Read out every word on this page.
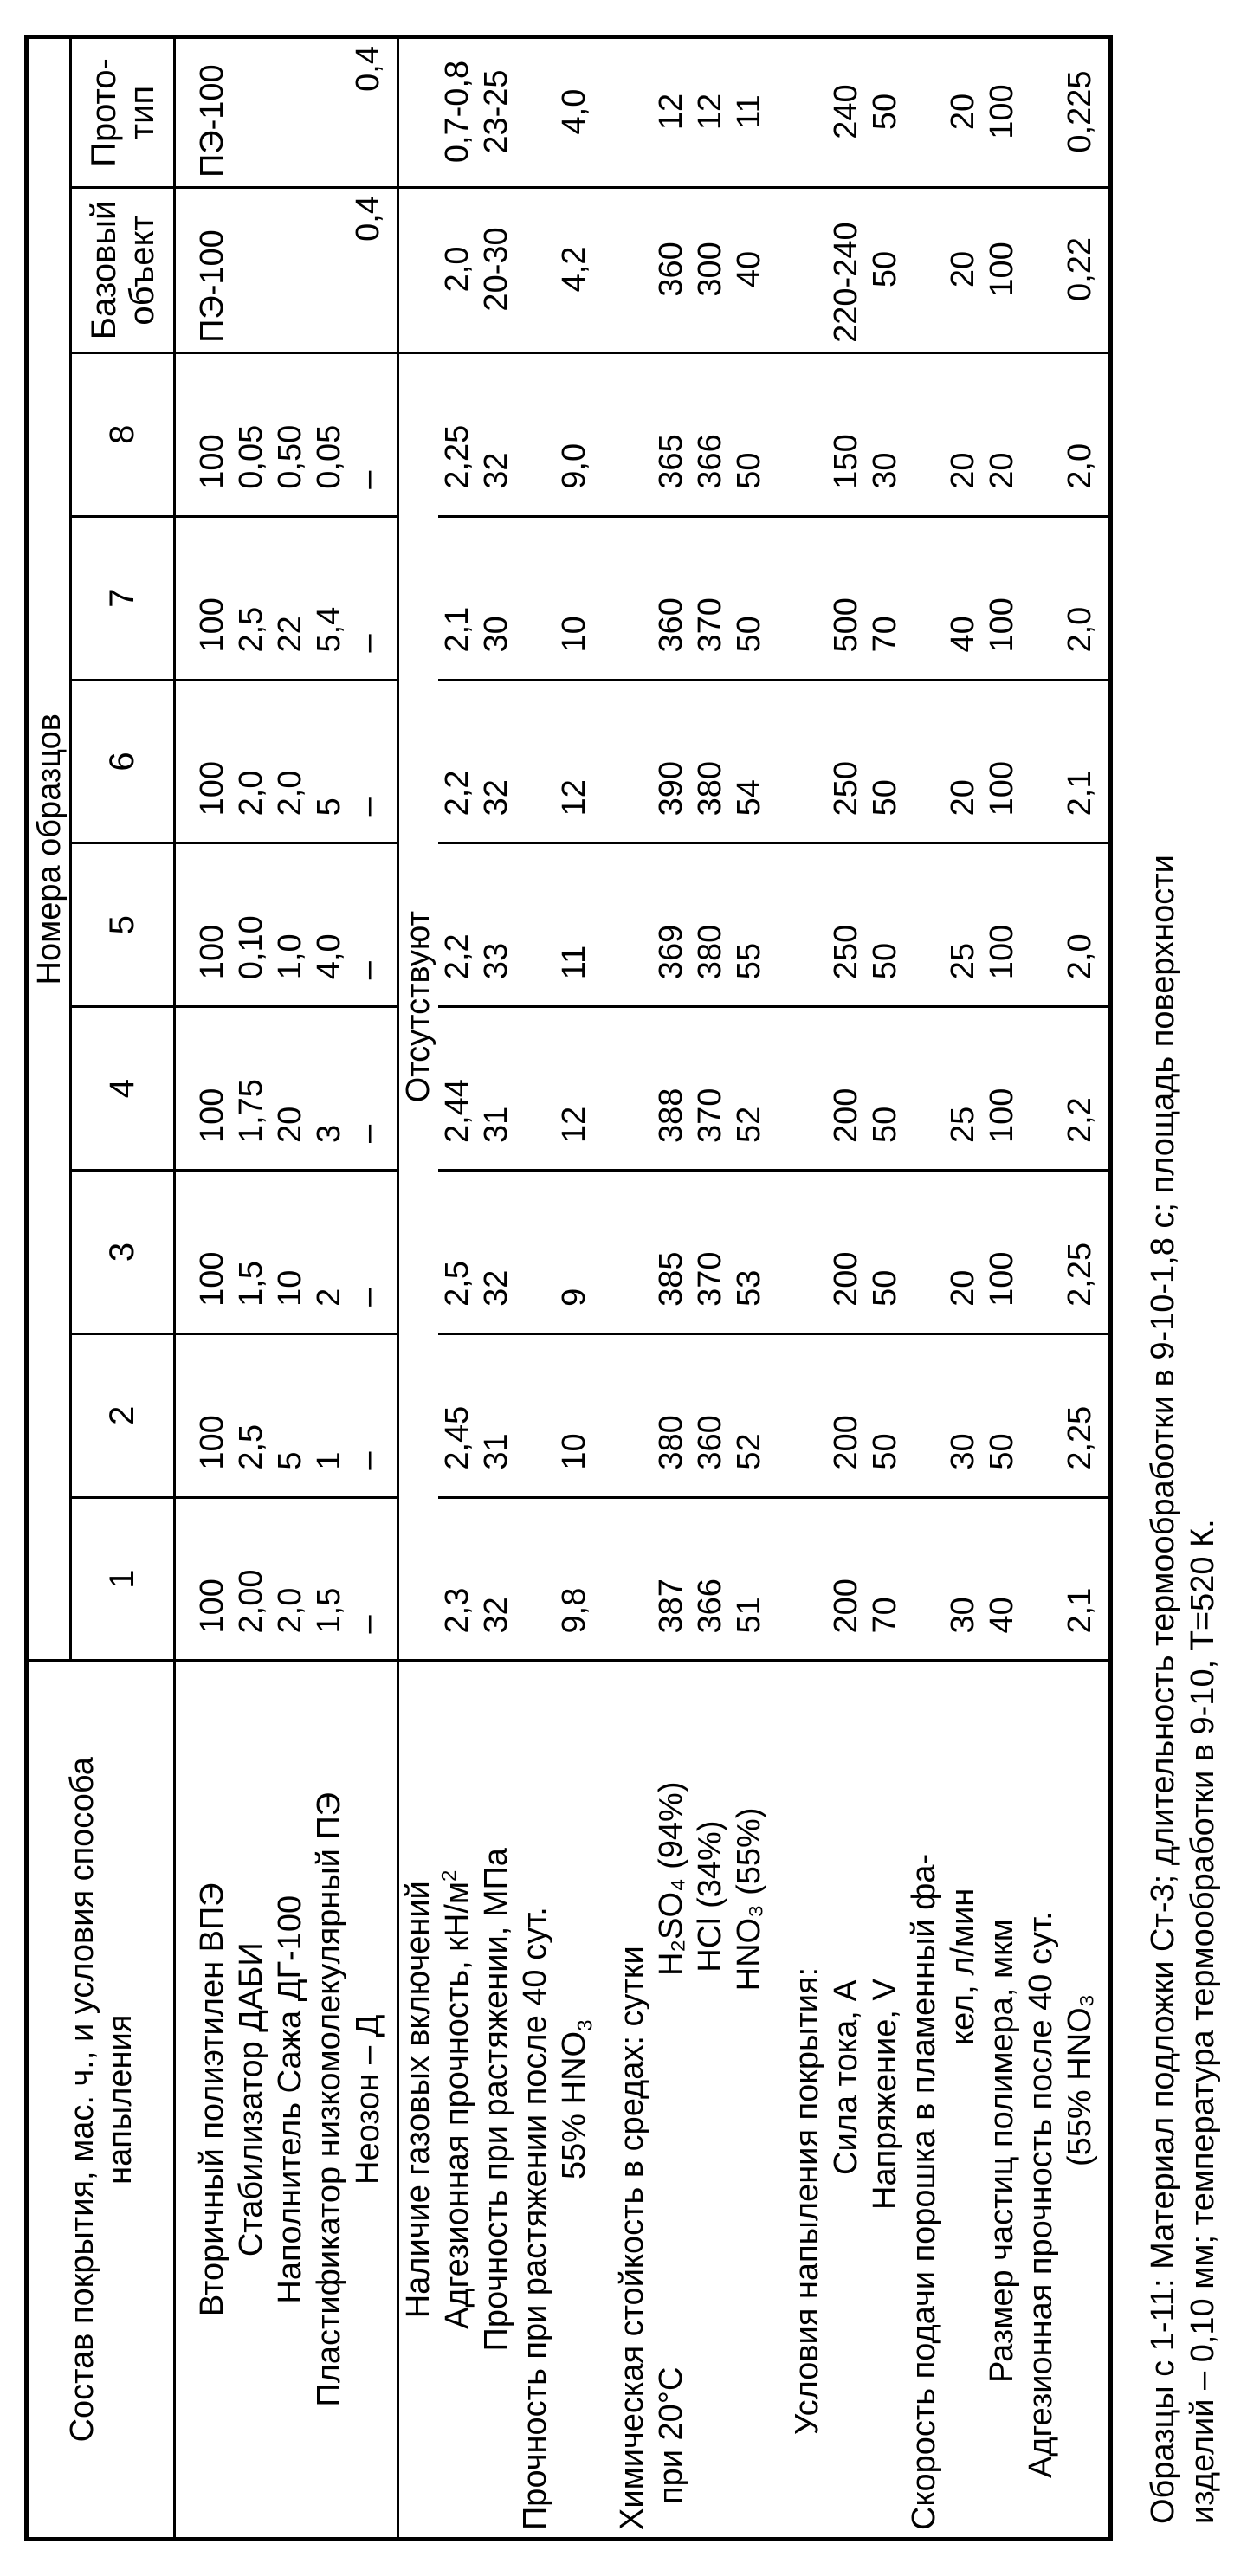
Состав покрытия, мас. ч., и условия способа напыления	Номера образцов
1	2	3	4	5	6	7	8	Базовый объект	Прото-тип

Вторичный полиэтилен ВПЭ Стабилизатор ДАБИ Наполнитель Сажа ДГ-100 Пластификатор низкомолекулярный ПЭ Неозон – Д

100 2,00 2,0 1,5 –

100 2,5 5 1 –

100 1,5 10 2 –

100 1,75 20 3 –

100 0,10 1,0 4,0 –

100 2,0 2,0 5 –

100 2,5 22 5,4 –

100 0,05 0,50 0,05 –

ПЭ-100
0,4

ПЭ-100	0,4

Наличие газовых включений
	Отсутствуют		

Адгезионная прочность, кН/м2 Прочность при растяжении, МПа Прочность при растяжении после 40 сут. 55% HNO3 Химическая стойкость в средах: сутки при 20°С
H₂SO₄ (94%) HCl (34%) HNO₃ (55%)
Условия напыления покрытия: Сила тока, А Напряжение, V Скорость подачи порошка в пламенный фа- кел, л/мин Размер частиц полимера, мкм Адгезионная прочность после 40 сут. (55% HNO₃

2,3 32 9,8 387 366 51 200 70 30 40 2,1

2,45 31 10 380 360 52 200 50 30 50 2,25

2,5 32 9 385 370 53 200 50 20 100 2,25

2,44 31 12 388 370 52 200 50 25 100 2,2

2,2 33 11 369 380 55 250 50 25 100 2,0

2,2 32 12 390 380 54 250 50 20 100 2,1

2,1 30 10 360 370 50 500 70 40 100 2,0

2,25 32 9,0 365 366 50 150 30 20 20 2,0

2,0 20-30 4,2 360 300 40 220-240 50 20 100 0,22

0,7-0,8 23-25 4,0 12 12 11 240 50 20 100 0,225
Образцы с 1-11: Материал подложки Ст-3; длительность термообработки в 9-10-1,8 с; площадь поверхности изделий – 0,10 мм; температура термообработки в 9-10, Т=520 К.
